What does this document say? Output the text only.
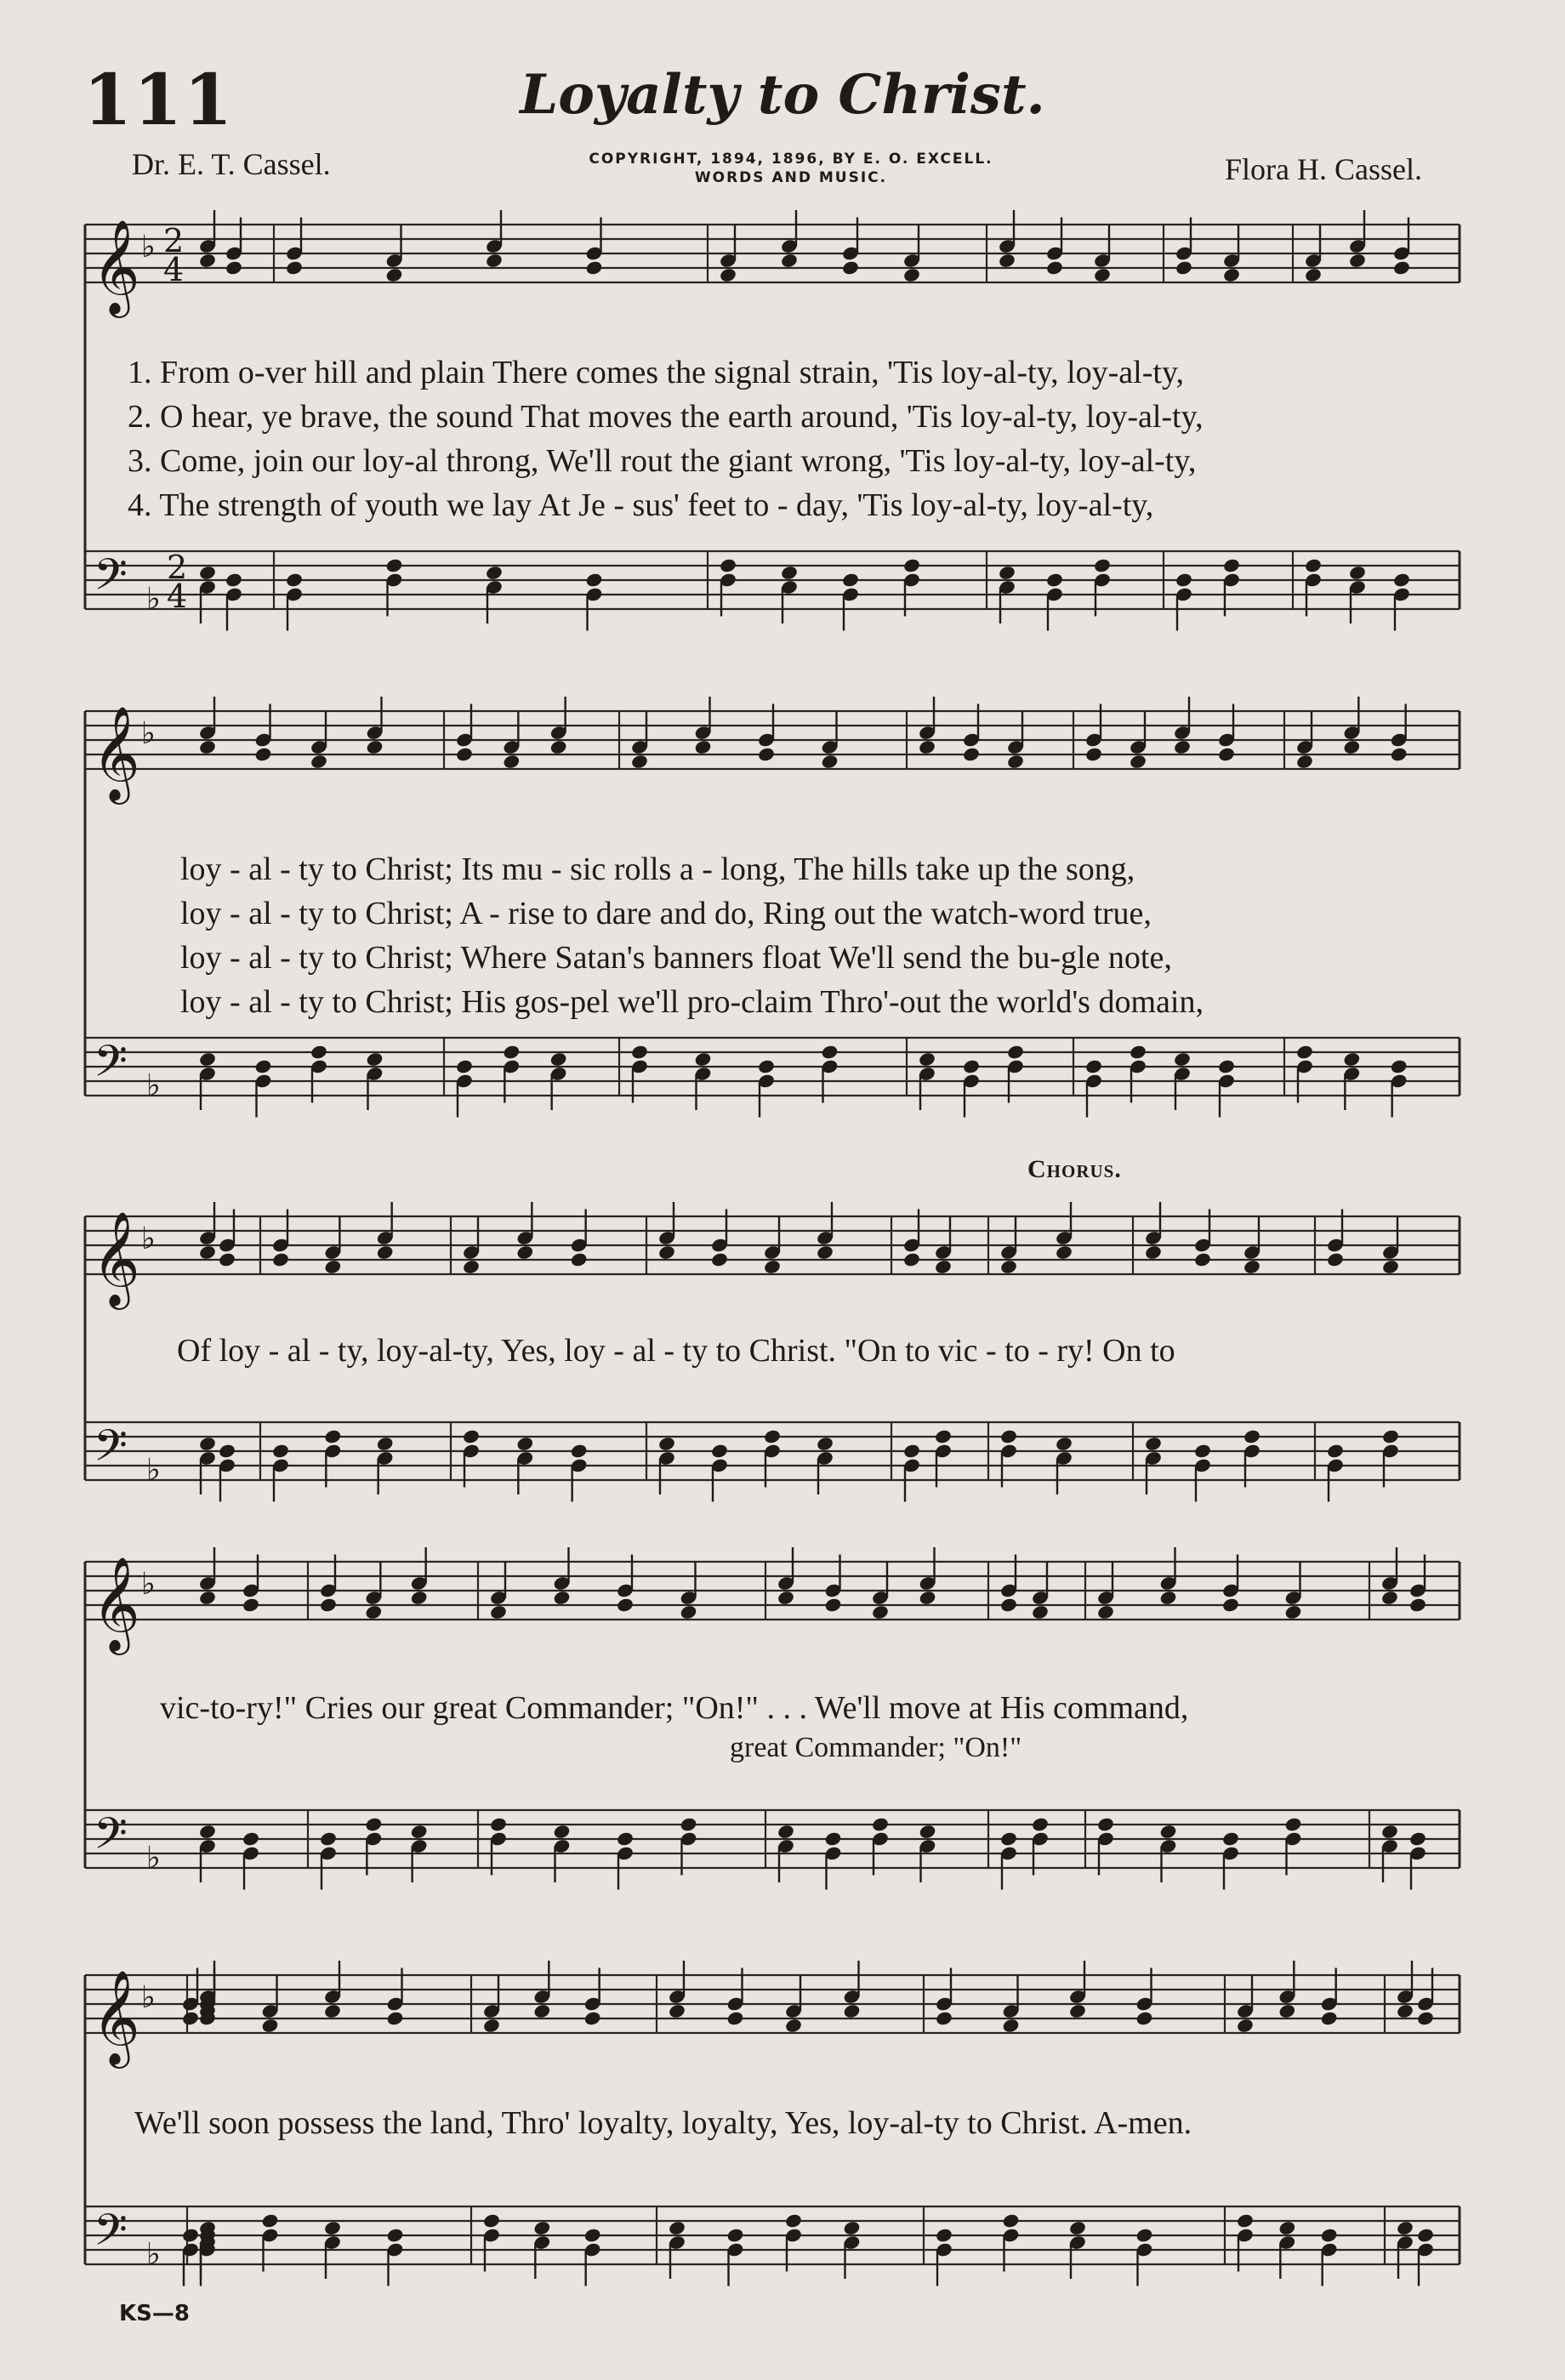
111	Loyalty to Christ.
Dr. E. T. Cassel.	Flora H. Cassel.
COPYRIGHT, 1894, 1896, BY E. O. EXCELL.
WORDS AND MUSIC.
𝄞
𝄢
♭
♭
2
4
2
4
𝄞
𝄢
♭
♭
𝄞
𝄢
♭
♭
𝄞
𝄢
♭
♭
𝄞
𝄢
♭
♭
1. From o-ver hill and plain There comes the signal strain, 'Tis loy-al-ty, loy-al-ty,
2. O hear, ye brave, the sound That moves the earth around, 'Tis loy-al-ty, loy-al-ty,
3. Come, join our loy-al throng, We'll rout the giant wrong, 'Tis loy-al-ty, loy-al-ty,
4. The strength of youth we lay At Je - sus' feet to - day, 'Tis loy-al-ty, loy-al-ty,
loy - al - ty to Christ; Its mu - sic rolls a - long, The hills take up the song,
loy - al - ty to Christ; A - rise to dare and do, Ring out the watch-word true,
loy - al - ty to Christ; Where Satan's banners float We'll send the bu-gle note,
loy - al - ty to Christ; His gos-pel we'll pro-claim Thro'-out the world's domain,
Chorus.
Of loy - al - ty, loy-al-ty, Yes, loy - al - ty to Christ. "On to vic - to - ry! On to
vic-to-ry!" Cries our great Commander; "On!" . . . We'll move at His command,
great Commander; "On!"
We'll soon possess the land, Thro' loyalty, loyalty, Yes, loy-al-ty to Christ. A-men.
KS—8
